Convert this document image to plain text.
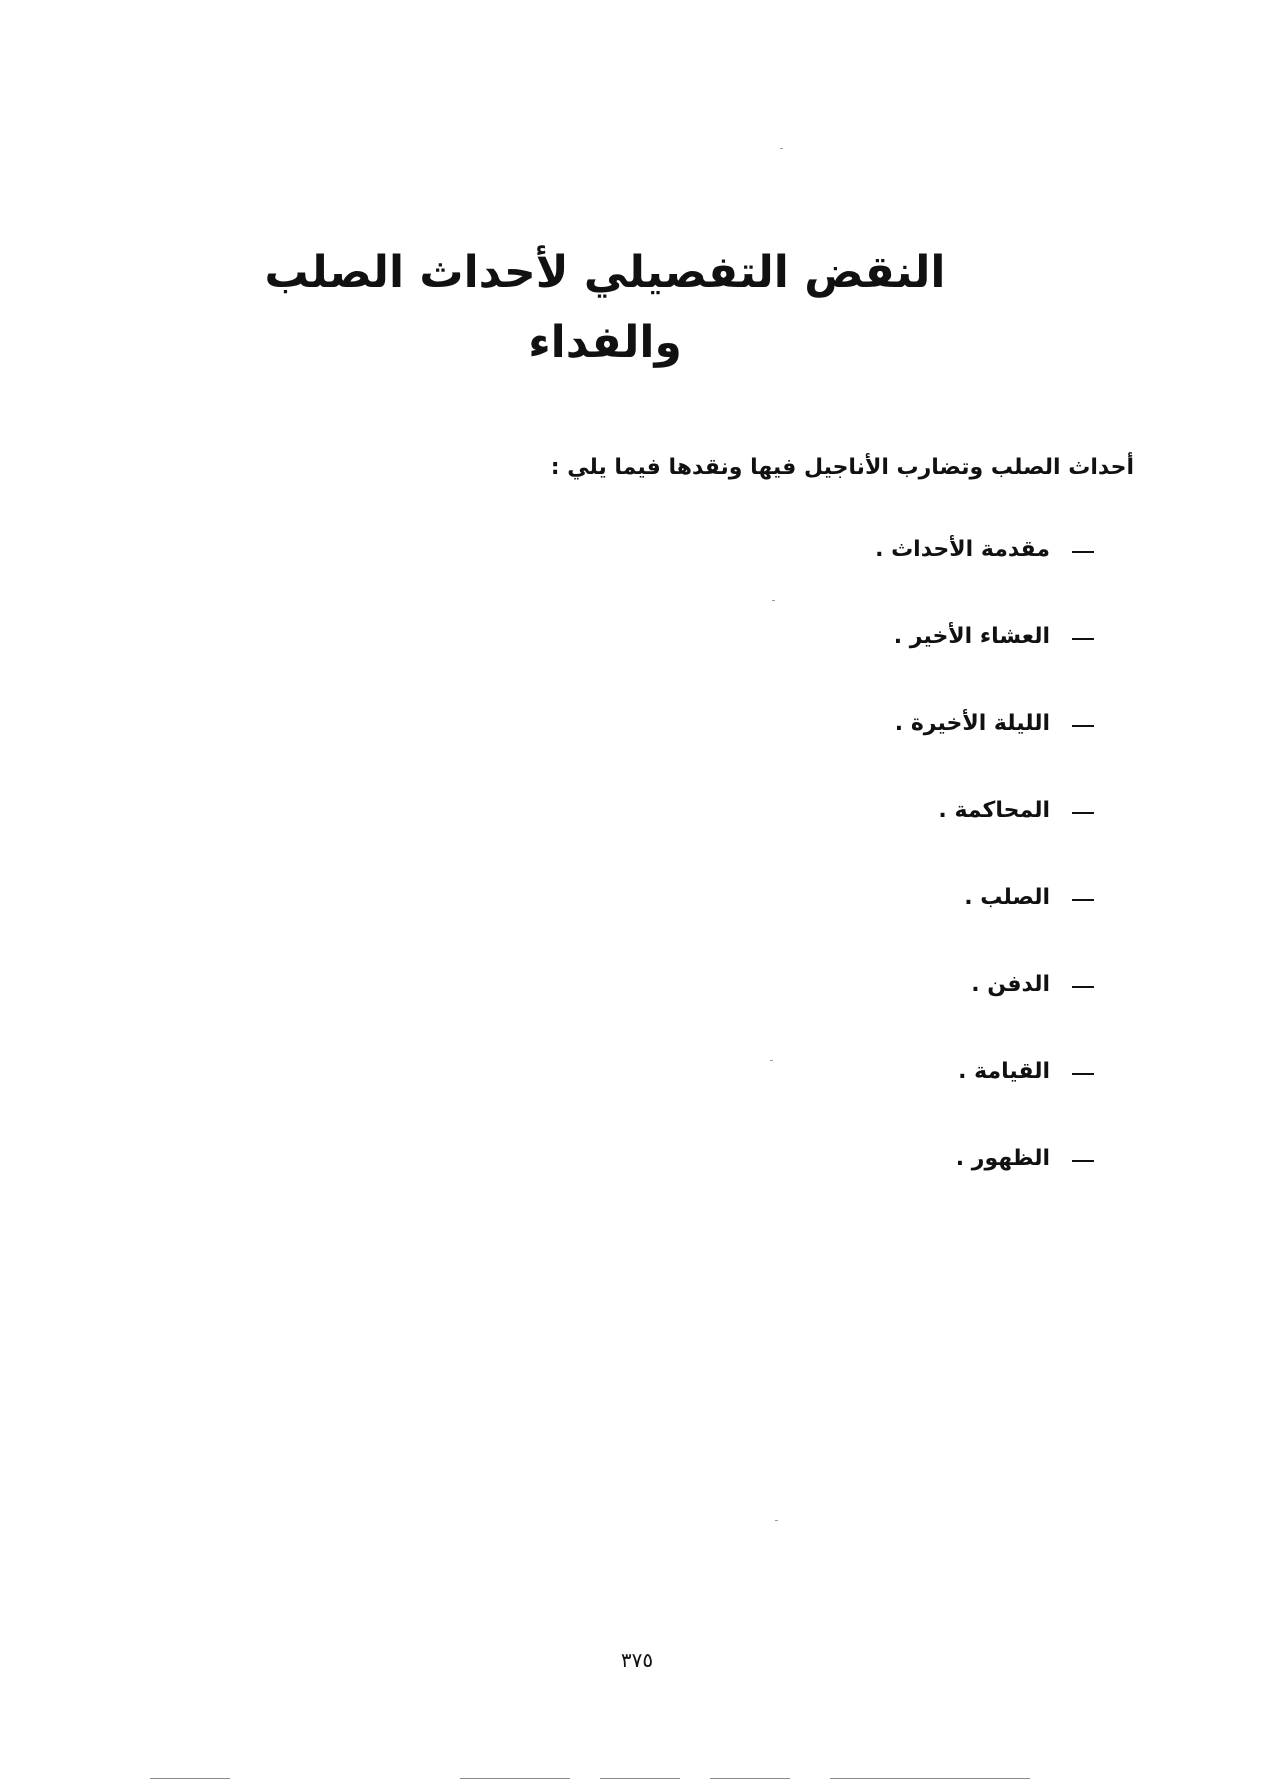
النقض التفصيلي لأحداث الصلب والفداء

أحداث الصلب وتضارب الأناجيل فيها ونقدها فيما يلي :

مقدمة الأحداث .
العشاء الأخير .
الليلة الأخيرة .
المحاكمة .
الصلب .
الدفن .
القيامة .
الظهور .
٣٧٥
